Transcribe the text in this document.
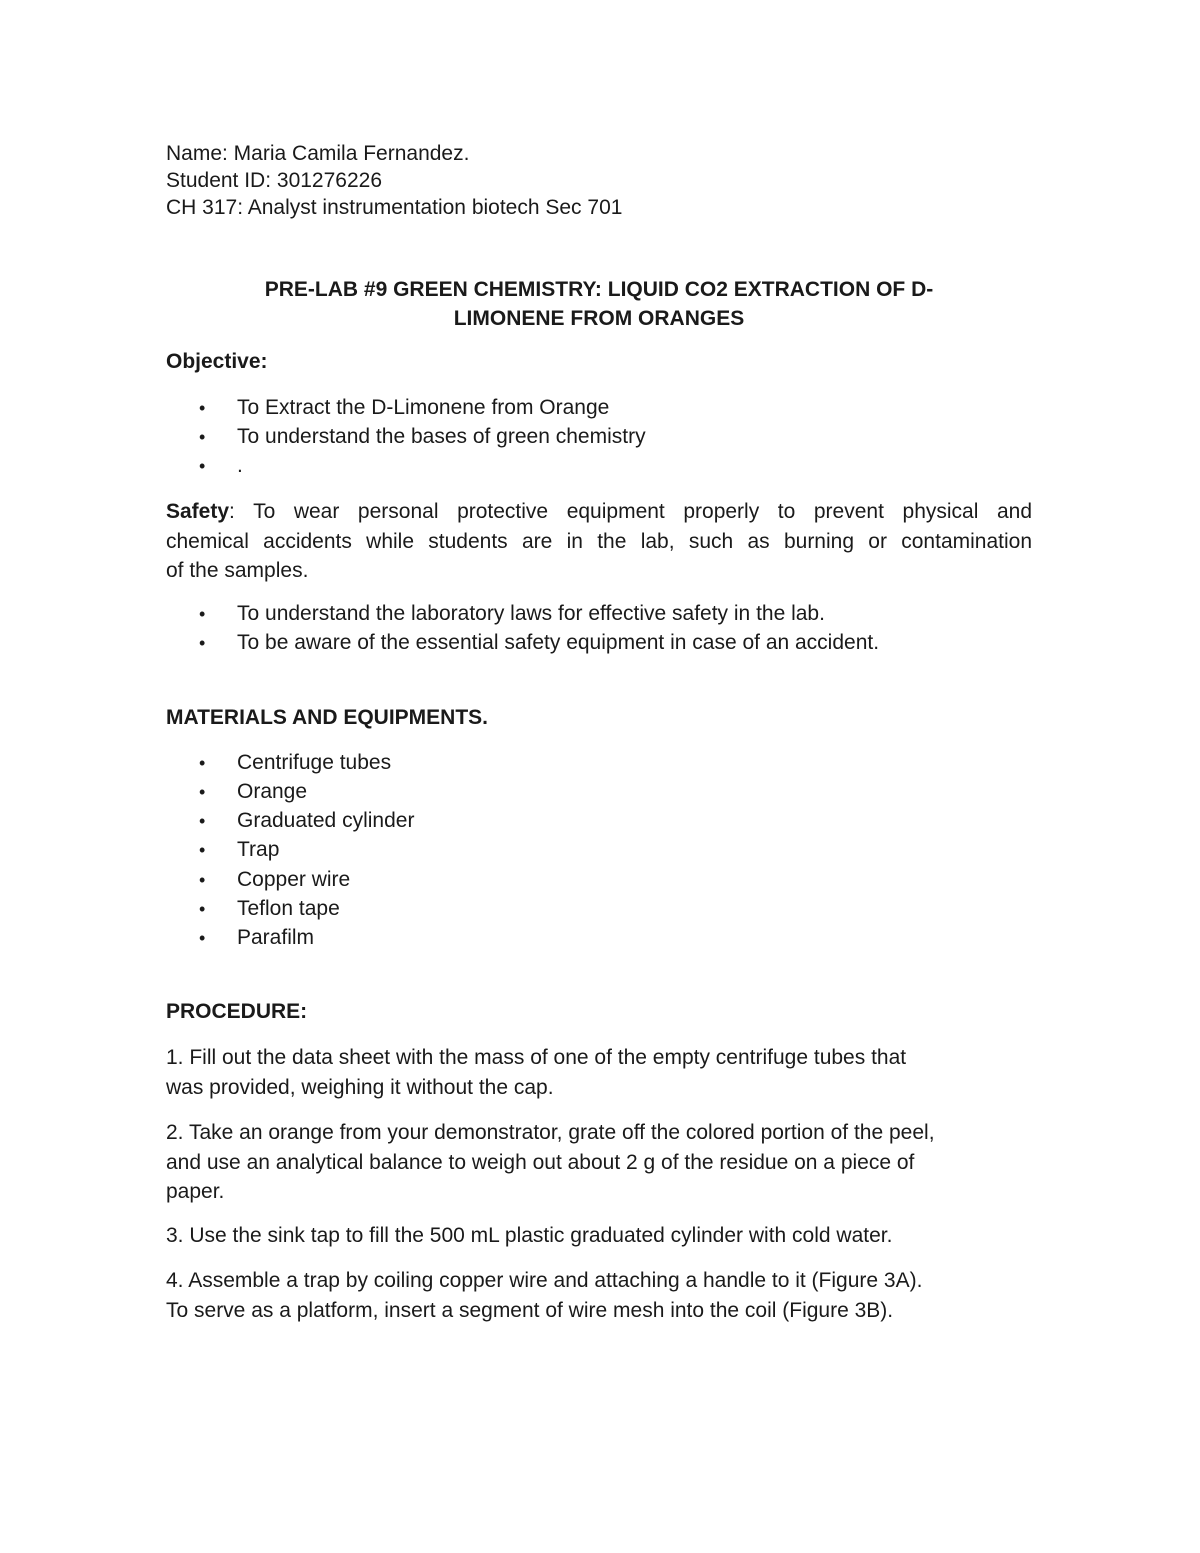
Name: Maria Camila Fernandez.
Student ID: 301276226
CH 317: Analyst instrumentation biotech Sec 701
PRE-LAB #9 GREEN CHEMISTRY: LIQUID CO2 EXTRACTION OF D-
LIMONENE FROM ORANGES
Objective:
• To Extract the D-Limonene from Orange
• To understand the bases of green chemistry
• .
Safety: To wear personal protective equipment properly to prevent physical and
chemical accidents while students are in the lab, such as burning or contamination
of the samples.
• To understand the laboratory laws for effective safety in the lab.
• To be aware of the essential safety equipment in case of an accident.
MATERIALS AND EQUIPMENTS.
• Centrifuge tubes
• Orange
• Graduated cylinder
• Trap
• Copper wire
• Teflon tape
• Parafilm
PROCEDURE:
1. Fill out the data sheet with the mass of one of the empty centrifuge tubes that
was provided, weighing it without the cap.
2. Take an orange from your demonstrator, grate off the colored portion of the peel,
and use an analytical balance to weigh out about 2 g of the residue on a piece of
paper.
3. Use the sink tap to fill the 500 mL plastic graduated cylinder with cold water.
4. Assemble a trap by coiling copper wire and attaching a handle to it (Figure 3A).
To serve as a platform, insert a segment of wire mesh into the coil (Figure 3B).
